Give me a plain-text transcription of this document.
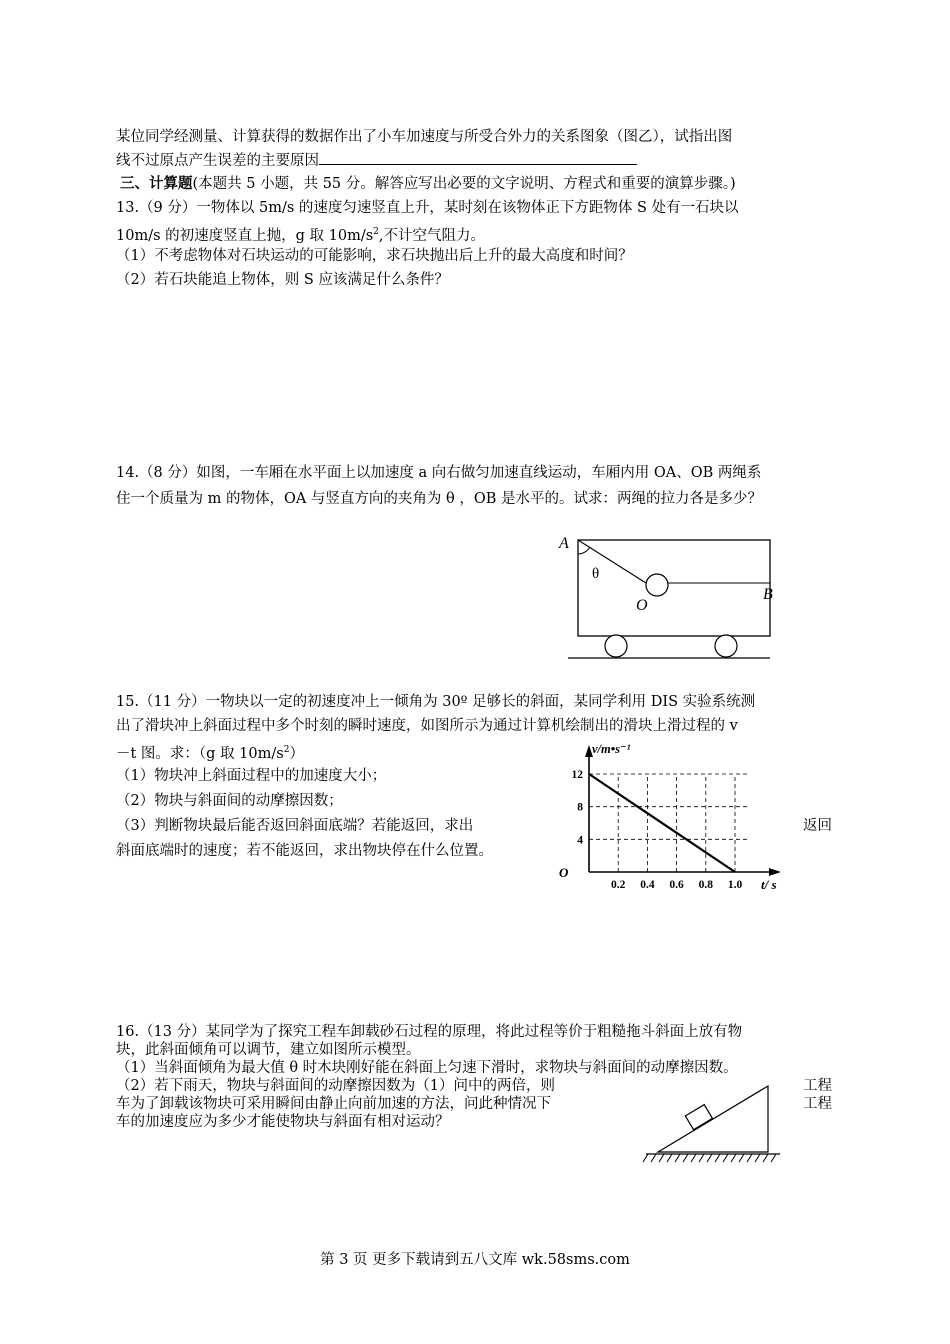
某位同学经测量、计算获得的数据作出了小车加速度与所受合外力的关系图象（图乙），试指出图
线不过原点产生误差的主要原因
三、计算题(本题共 5 小题，共 55 分。解答应写出必要的文字说明、方程式和重要的演算步骤。)
13.（9 分）一物体以 5m/s 的速度匀速竖直上升，某时刻在该物体正下方距物体 S 处有一石块以
10m/s 的初速度竖直上抛，g 取 $10m/s^2$,不计空气阻力。
（1）不考虑物体对石块运动的可能影响，求石块抛出后上升的最大高度和时间？
（2）若石块能追上物体，则 S 应该满足什么条件？
14.（8 分）如图，一车厢在水平面上以加速度 a 向右做匀加速直线运动，车厢内用 OA、OB 两绳系
住一个质量为 m 的物体，OA 与竖直方向的夹角为 θ ，OB 是水平的。试求：两绳的拉力各是多少？
A
θ
O
B
15.（11 分）一物块以一定的初速度冲上一倾角为 30º 足够长的斜面，某同学利用 DIS 实验系统测
出了滑块冲上斜面过程中多个时刻的瞬时速度，如图所示为通过计算机绘制出的滑块上滑过程的 v
－t 图。求：（g 取 $10m/s^2$）
（1）物块冲上斜面过程中的加速度大小；
（2）物块与斜面间的动摩擦因数；
（3）判断物块最后能否返回斜面底端？若能返回，求出	返回
斜面底端时的速度；若不能返回，求出物块停在什么位置。
0.2 0.4 0.6 0.8 1.0
4
8
12
O
v/m•s⁻¹
t/ s
16.（13 分）某同学为了探究工程车卸载砂石过程的原理，将此过程等价于粗糙拖斗斜面上放有物
块，此斜面倾角可以调节，建立如图所示模型。
（1）当斜面倾角为最大值 θ 时木块刚好能在斜面上匀速下滑时，求物块与斜面间的动摩擦因数。
（2）若下雨天，物块与斜面间的动摩擦因数为（1）问中的两倍，则	工程
车为了卸载该物块可采用瞬间由静止向前加速的方法，问此种情况下	工程
车的加速度应为多少才能使物块与斜面有相对运动？
第 3 页 更多下载请到五八文库 wk.58sms.com
